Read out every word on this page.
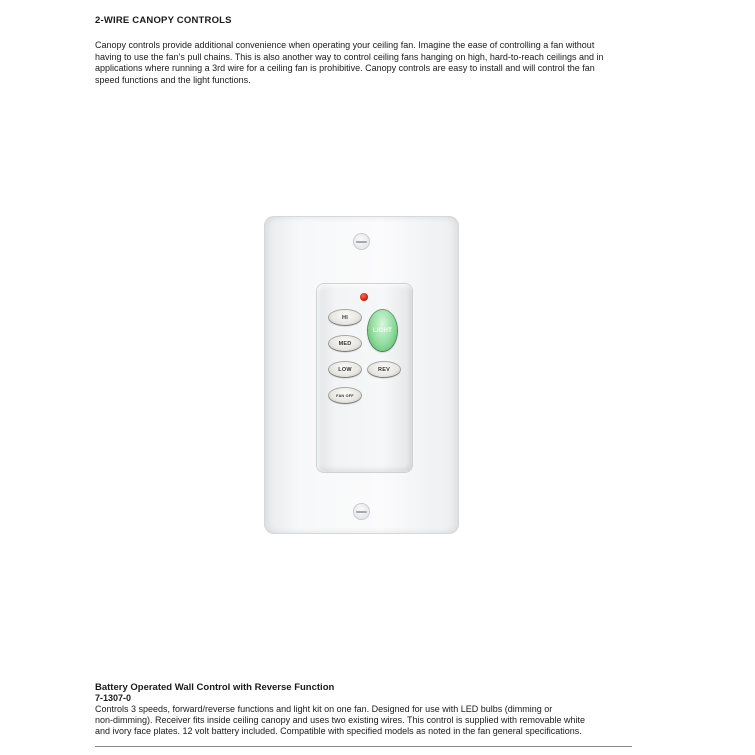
2-WIRE CANOPY CONTROLS
Canopy controls provide additional convenience when operating your ceiling fan. Imagine the ease of controlling a fan without
having to use the fan’s pull chains. This is also another way to control ceiling fans hanging on high, hard-to-reach ceilings and in
applications where running a 3rd wire for a ceiling fan is prohibitive. Canopy controls are easy to install and will control the fan
speed functions and the light functions.
HI
MED
LOW
FAN OFF
LIGHT
REV
Battery Operated Wall Control with Reverse Function
7-1307-0
Controls 3 speeds, forward/reverse functions and light kit on one fan. Designed for use with LED bulbs (dimming or
non-dimming). Receiver fits inside ceiling canopy and uses two existing wires. This control is supplied with removable white
and ivory face plates. 12 volt battery included. Compatible with specified models as noted in the fan general specifications.
